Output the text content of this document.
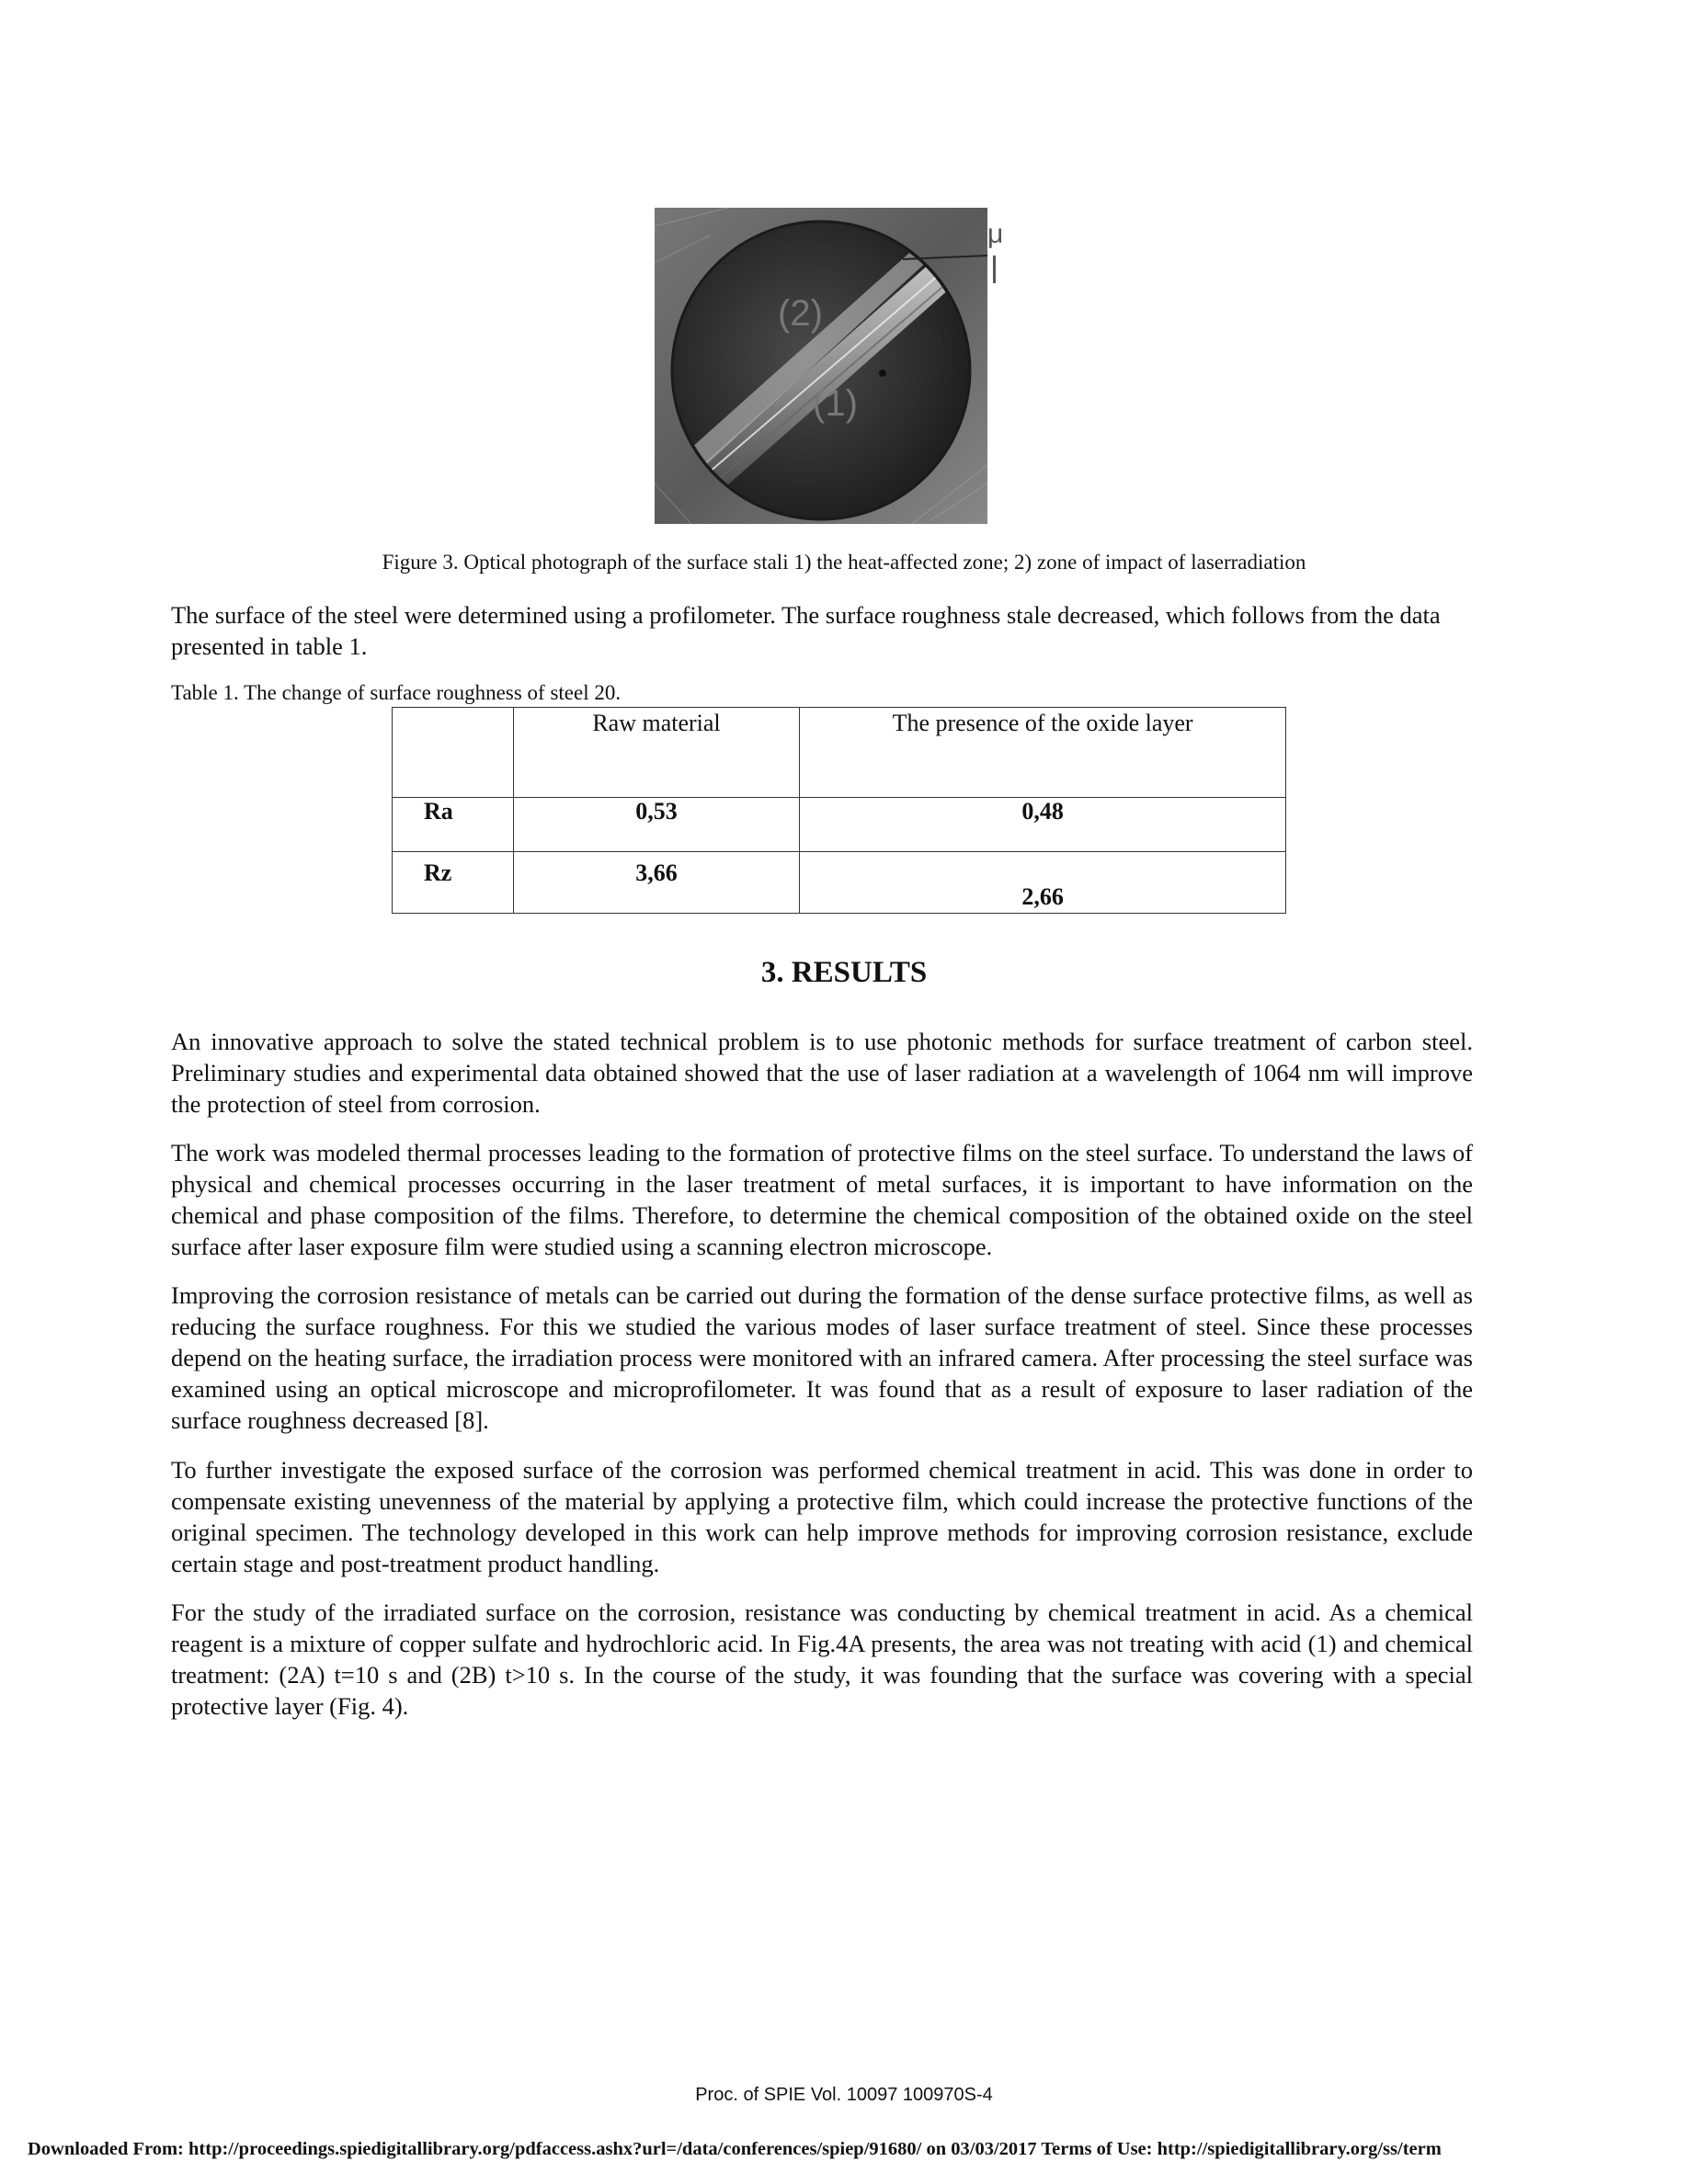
(2)
(1)
μ
Figure 3. Optical photograph of the surface stali 1) the heat-affected zone; 2) zone of impact of laserradiation

The surface of the steel were determined using a profilometer. The surface roughness stale decreased, which follows from the data presented in table 1.

Table 1. The change of surface roughness of steel 20.

	Raw material	The presence of the oxide layer

Ra	0,53	0,48
Rz	3,66	2,66
3. RESULTS

An innovative approach to solve the stated technical problem is to use photonic methods for surface treatment of carbon steel. Preliminary studies and experimental data obtained showed that the use of laser radiation at a wavelength of 1064 nm will improve the protection of steel from corrosion.

The work was modeled thermal processes leading to the formation of protective films on the steel surface. To understand the laws of physical and chemical processes occurring in the laser treatment of metal surfaces, it is important to have information on the chemical and phase composition of the films. Therefore, to determine the chemical composition of the obtained oxide on the steel surface after laser exposure film were studied using a scanning electron microscope.

Improving the corrosion resistance of metals can be carried out during the formation of the dense surface protective films, as well as reducing the surface roughness. For this we studied the various modes of laser surface treatment of steel. Since these processes depend on the heating surface, the irradiation process were monitored with an infrared camera. After processing the steel surface was examined using an optical microscope and microprofilometer. It was found that as a result of exposure to laser radiation of the surface roughness decreased [8].

To further investigate the exposed surface of the corrosion was performed chemical treatment in acid. This was done in order to compensate existing unevenness of the material by applying a protective film, which could increase the protective functions of the original specimen. The technology developed in this work can help improve methods for improving corrosion resistance, exclude certain stage and post-treatment product handling.

For the study of the irradiated surface on the corrosion, resistance was conducting by chemical treatment in acid. As a chemical reagent is a mixture of copper sulfate and hydrochloric acid. In Fig.4A presents, the area was not treating with acid (1) and chemical treatment: (2A) t=10 s and (2B) t>10 s. In the course of the study, it was founding that the surface was covering with a special protective layer (Fig. 4).

Proc. of SPIE Vol. 10097 100970S-4
Downloaded From: http://proceedings.spiedigitallibrary.org/pdfaccess.ashx?url=/data/conferences/spiep/91680/ on 03/03/2017 Terms of Use: http://spiedigitallibrary.org/ss/term
